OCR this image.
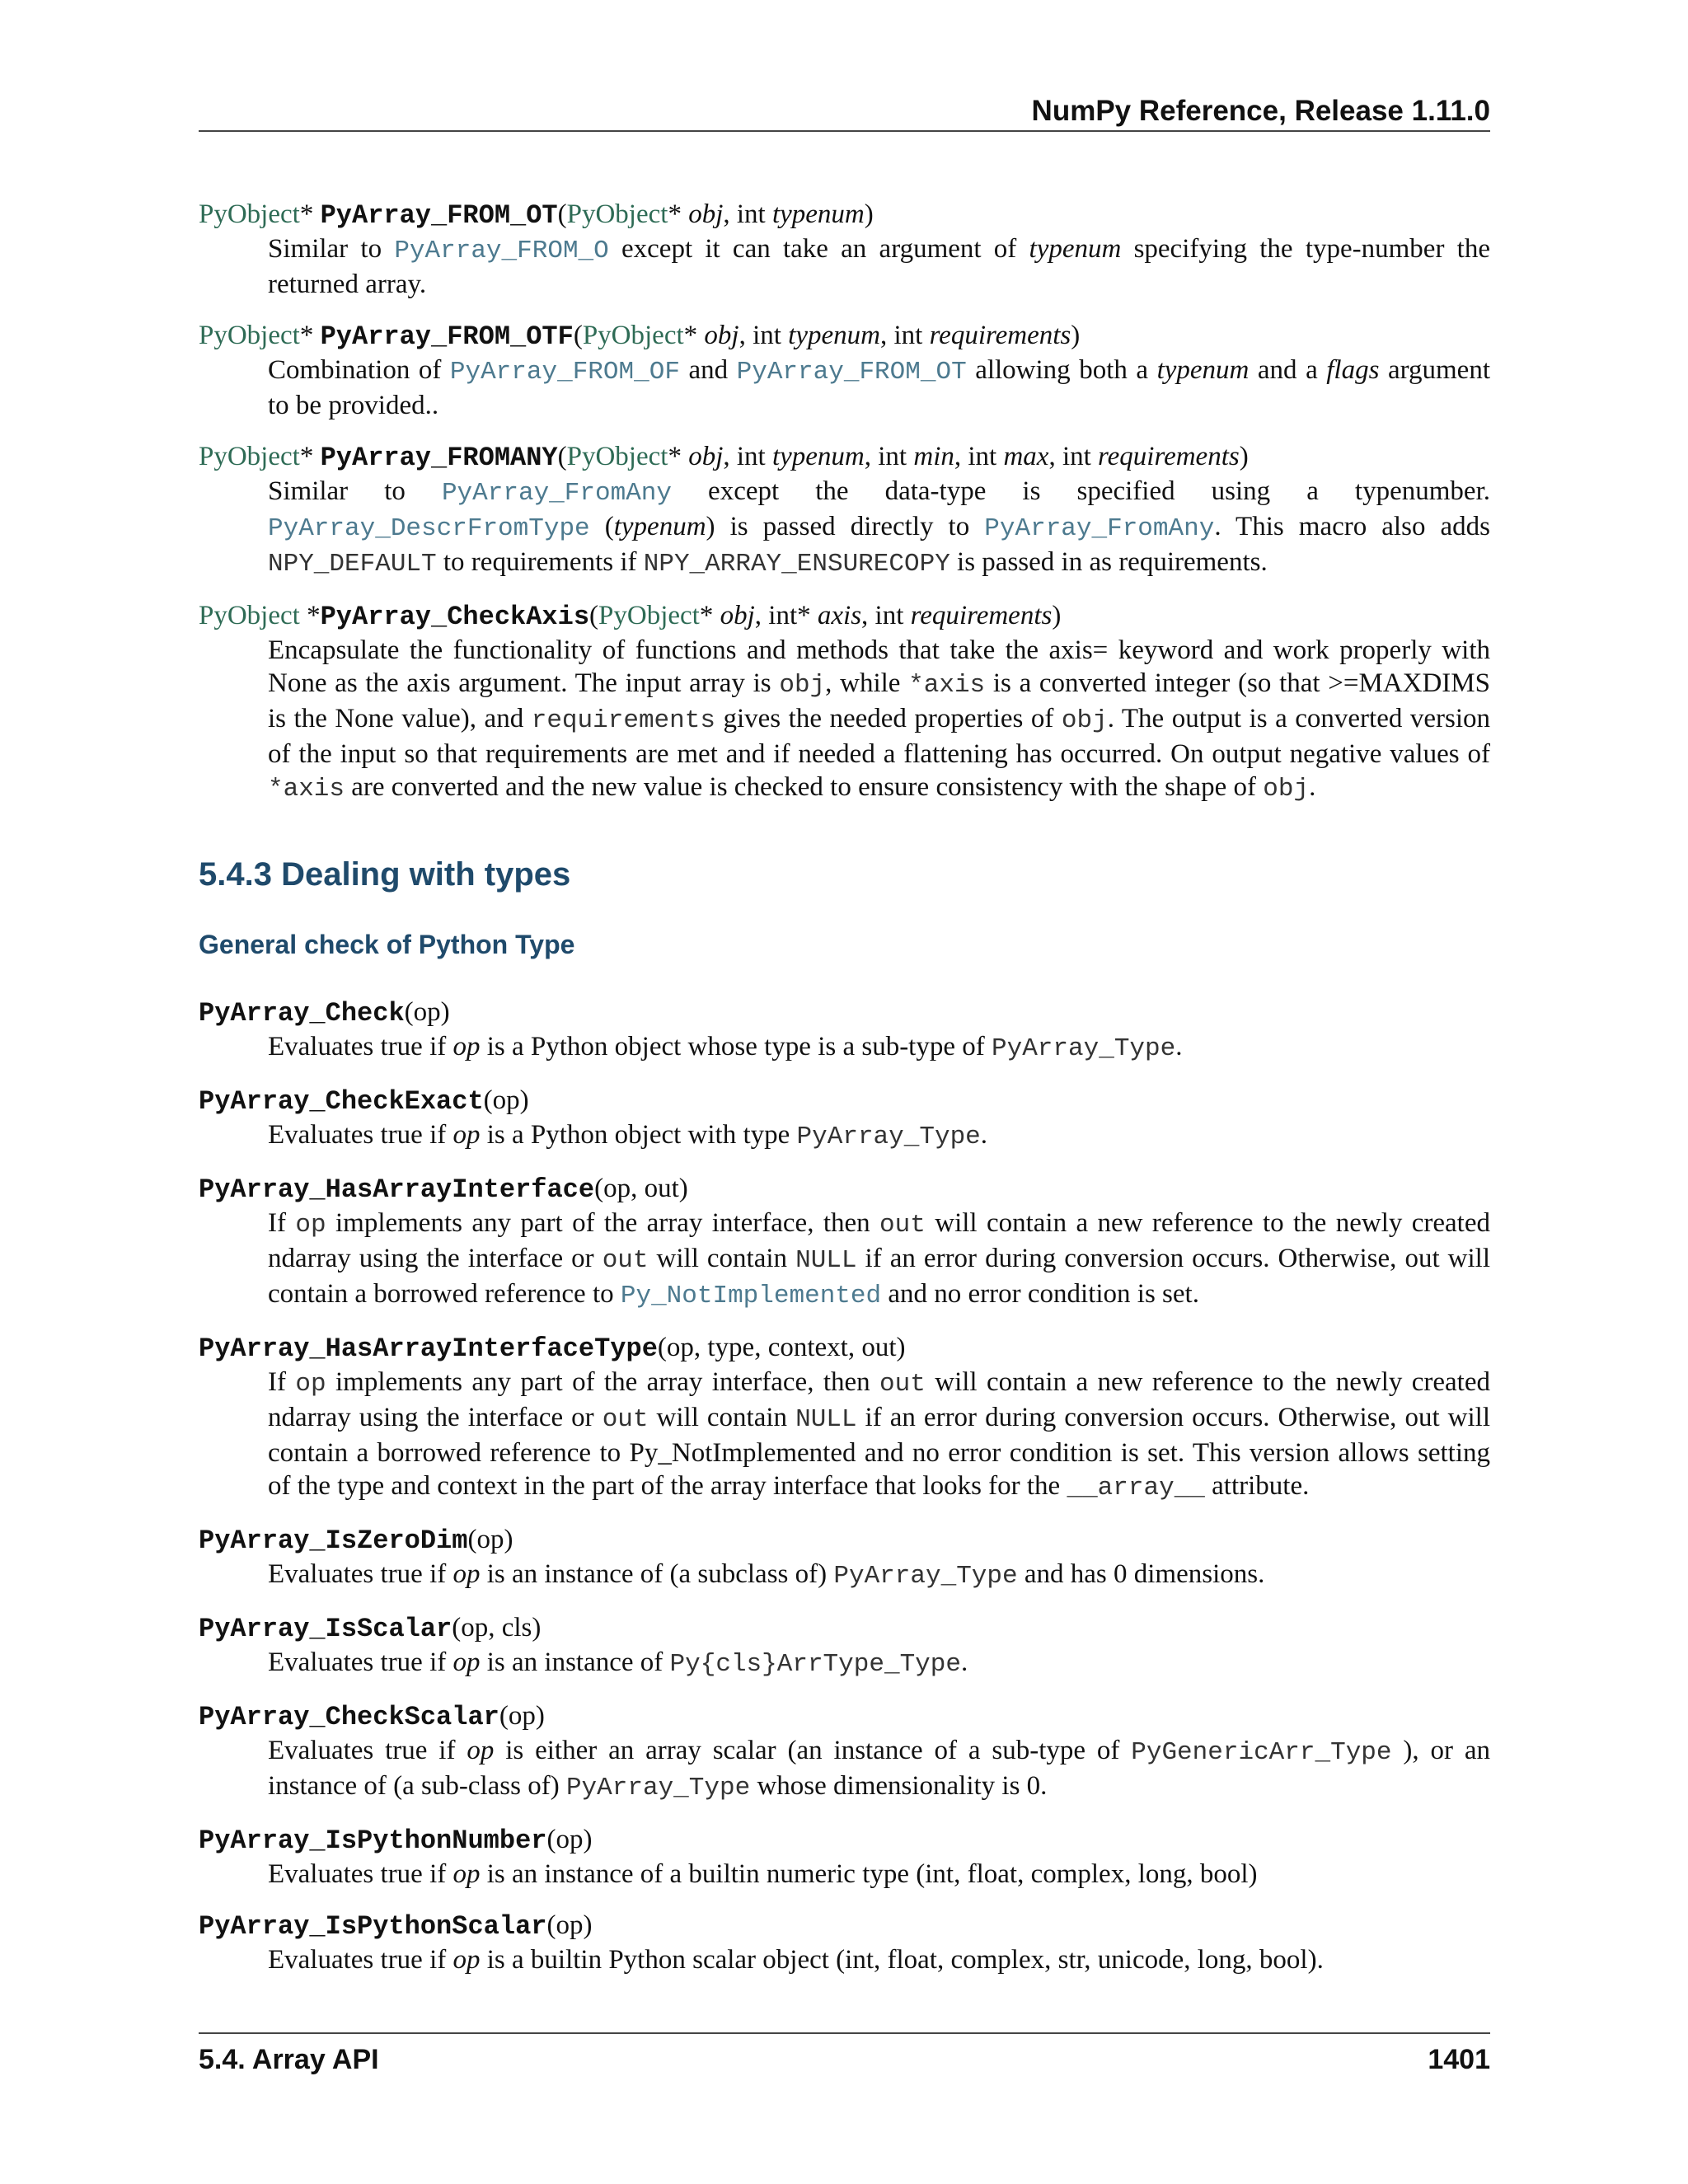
NumPy Reference, Release 1.11.0
PyObject* PyArray_FROM_OT(PyObject* obj, int typenum)
Similar to PyArray_FROM_O except it can take an argument of typenum specifying the type-number the returned array.
PyObject* PyArray_FROM_OTF(PyObject* obj, int typenum, int requirements)
Combination of PyArray_FROM_OF and PyArray_FROM_OT allowing both a typenum and a flags argument to be provided..
PyObject* PyArray_FROMANY(PyObject* obj, int typenum, int min, int max, int requirements)
Similar to PyArray_FromAny except the data-type is specified using a typenumber. PyArray_DescrFromType (typenum) is passed directly to PyArray_FromAny. This macro also adds NPY_DEFAULT to requirements if NPY_ARRAY_ENSURECOPY is passed in as requirements.
PyObject *PyArray_CheckAxis(PyObject* obj, int* axis, int requirements)
Encapsulate the functionality of functions and methods that take the axis= keyword and work properly with None as the axis argument. The input array is obj, while *axis is a converted integer (so that >=MAXDIMS is the None value), and requirements gives the needed properties of obj. The output is a converted version of the input so that requirements are met and if needed a flattening has occurred. On output negative values of *axis are converted and the new value is checked to ensure consistency with the shape of obj.
5.4.3 Dealing with types
General check of Python Type
PyArray_Check(op)
Evaluates true if op is a Python object whose type is a sub-type of PyArray_Type.
PyArray_CheckExact(op)
Evaluates true if op is a Python object with type PyArray_Type.
PyArray_HasArrayInterface(op, out)
If op implements any part of the array interface, then out will contain a new reference to the newly created ndarray using the interface or out will contain NULL if an error during conversion occurs. Otherwise, out will contain a borrowed reference to Py_NotImplemented and no error condition is set.
PyArray_HasArrayInterfaceType(op, type, context, out)
If op implements any part of the array interface, then out will contain a new reference to the newly created ndarray using the interface or out will contain NULL if an error during conversion occurs. Otherwise, out will contain a borrowed reference to Py_NotImplemented and no error condition is set. This version allows setting of the type and context in the part of the array interface that looks for the __array__ attribute.
PyArray_IsZeroDim(op)
Evaluates true if op is an instance of (a subclass of) PyArray_Type and has 0 dimensions.
PyArray_IsScalar(op, cls)
Evaluates true if op is an instance of Py{cls}ArrType_Type.
PyArray_CheckScalar(op)
Evaluates true if op is either an array scalar (an instance of a sub-type of PyGenericArr_Type ), or an instance of (a sub-class of) PyArray_Type whose dimensionality is 0.
PyArray_IsPythonNumber(op)
Evaluates true if op is an instance of a builtin numeric type (int, float, complex, long, bool)
PyArray_IsPythonScalar(op)
Evaluates true if op is a builtin Python scalar object (int, float, complex, str, unicode, long, bool).
5.4. Array API	1401
